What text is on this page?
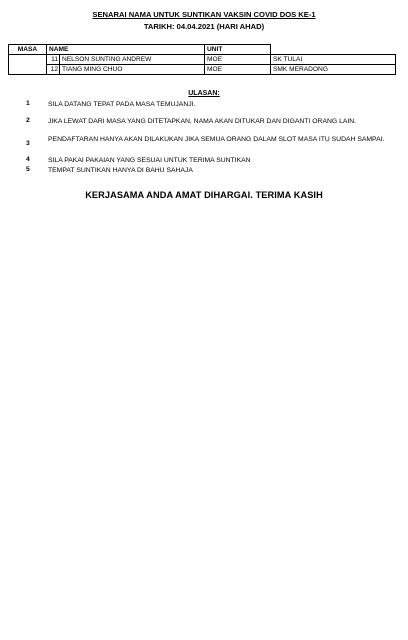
SENARAI NAMA UNTUK SUNTIKAN VAKSIN COVID DOS KE-1
TARIKH: 04.04.2021 (HARI AHAD)
MASA	NAME		UNIT	
	11	NELSON SUNTING ANDREW	MOE	SK TULAI
	12	TIANG MING CHUO	MOE	SMK MERADONG
ULASAN:
1	SILA DATANG TEPAT PADA MASA TEMUJANJI.
2	JIKA LEWAT DARI MASA YANG DITETAPKAN, NAMA AKAN DITUKAR DAN DIGANTI ORANG LAIN.
3
PENDAFTARAN HANYA AKAN DILAKUKAN JIKA SEMUA ORANG DALAM SLOT MASA ITU SUDAH SAMPAI.
4	SILA PAKAI PAKAIAN YANG SESUAI UNTUK TERIMA SUNTIKAN
5	TEMPAT SUNTIKAN HANYA DI BAHU SAHAJA
KERJASAMA ANDA AMAT DIHARGAI. TERIMA KASIH
